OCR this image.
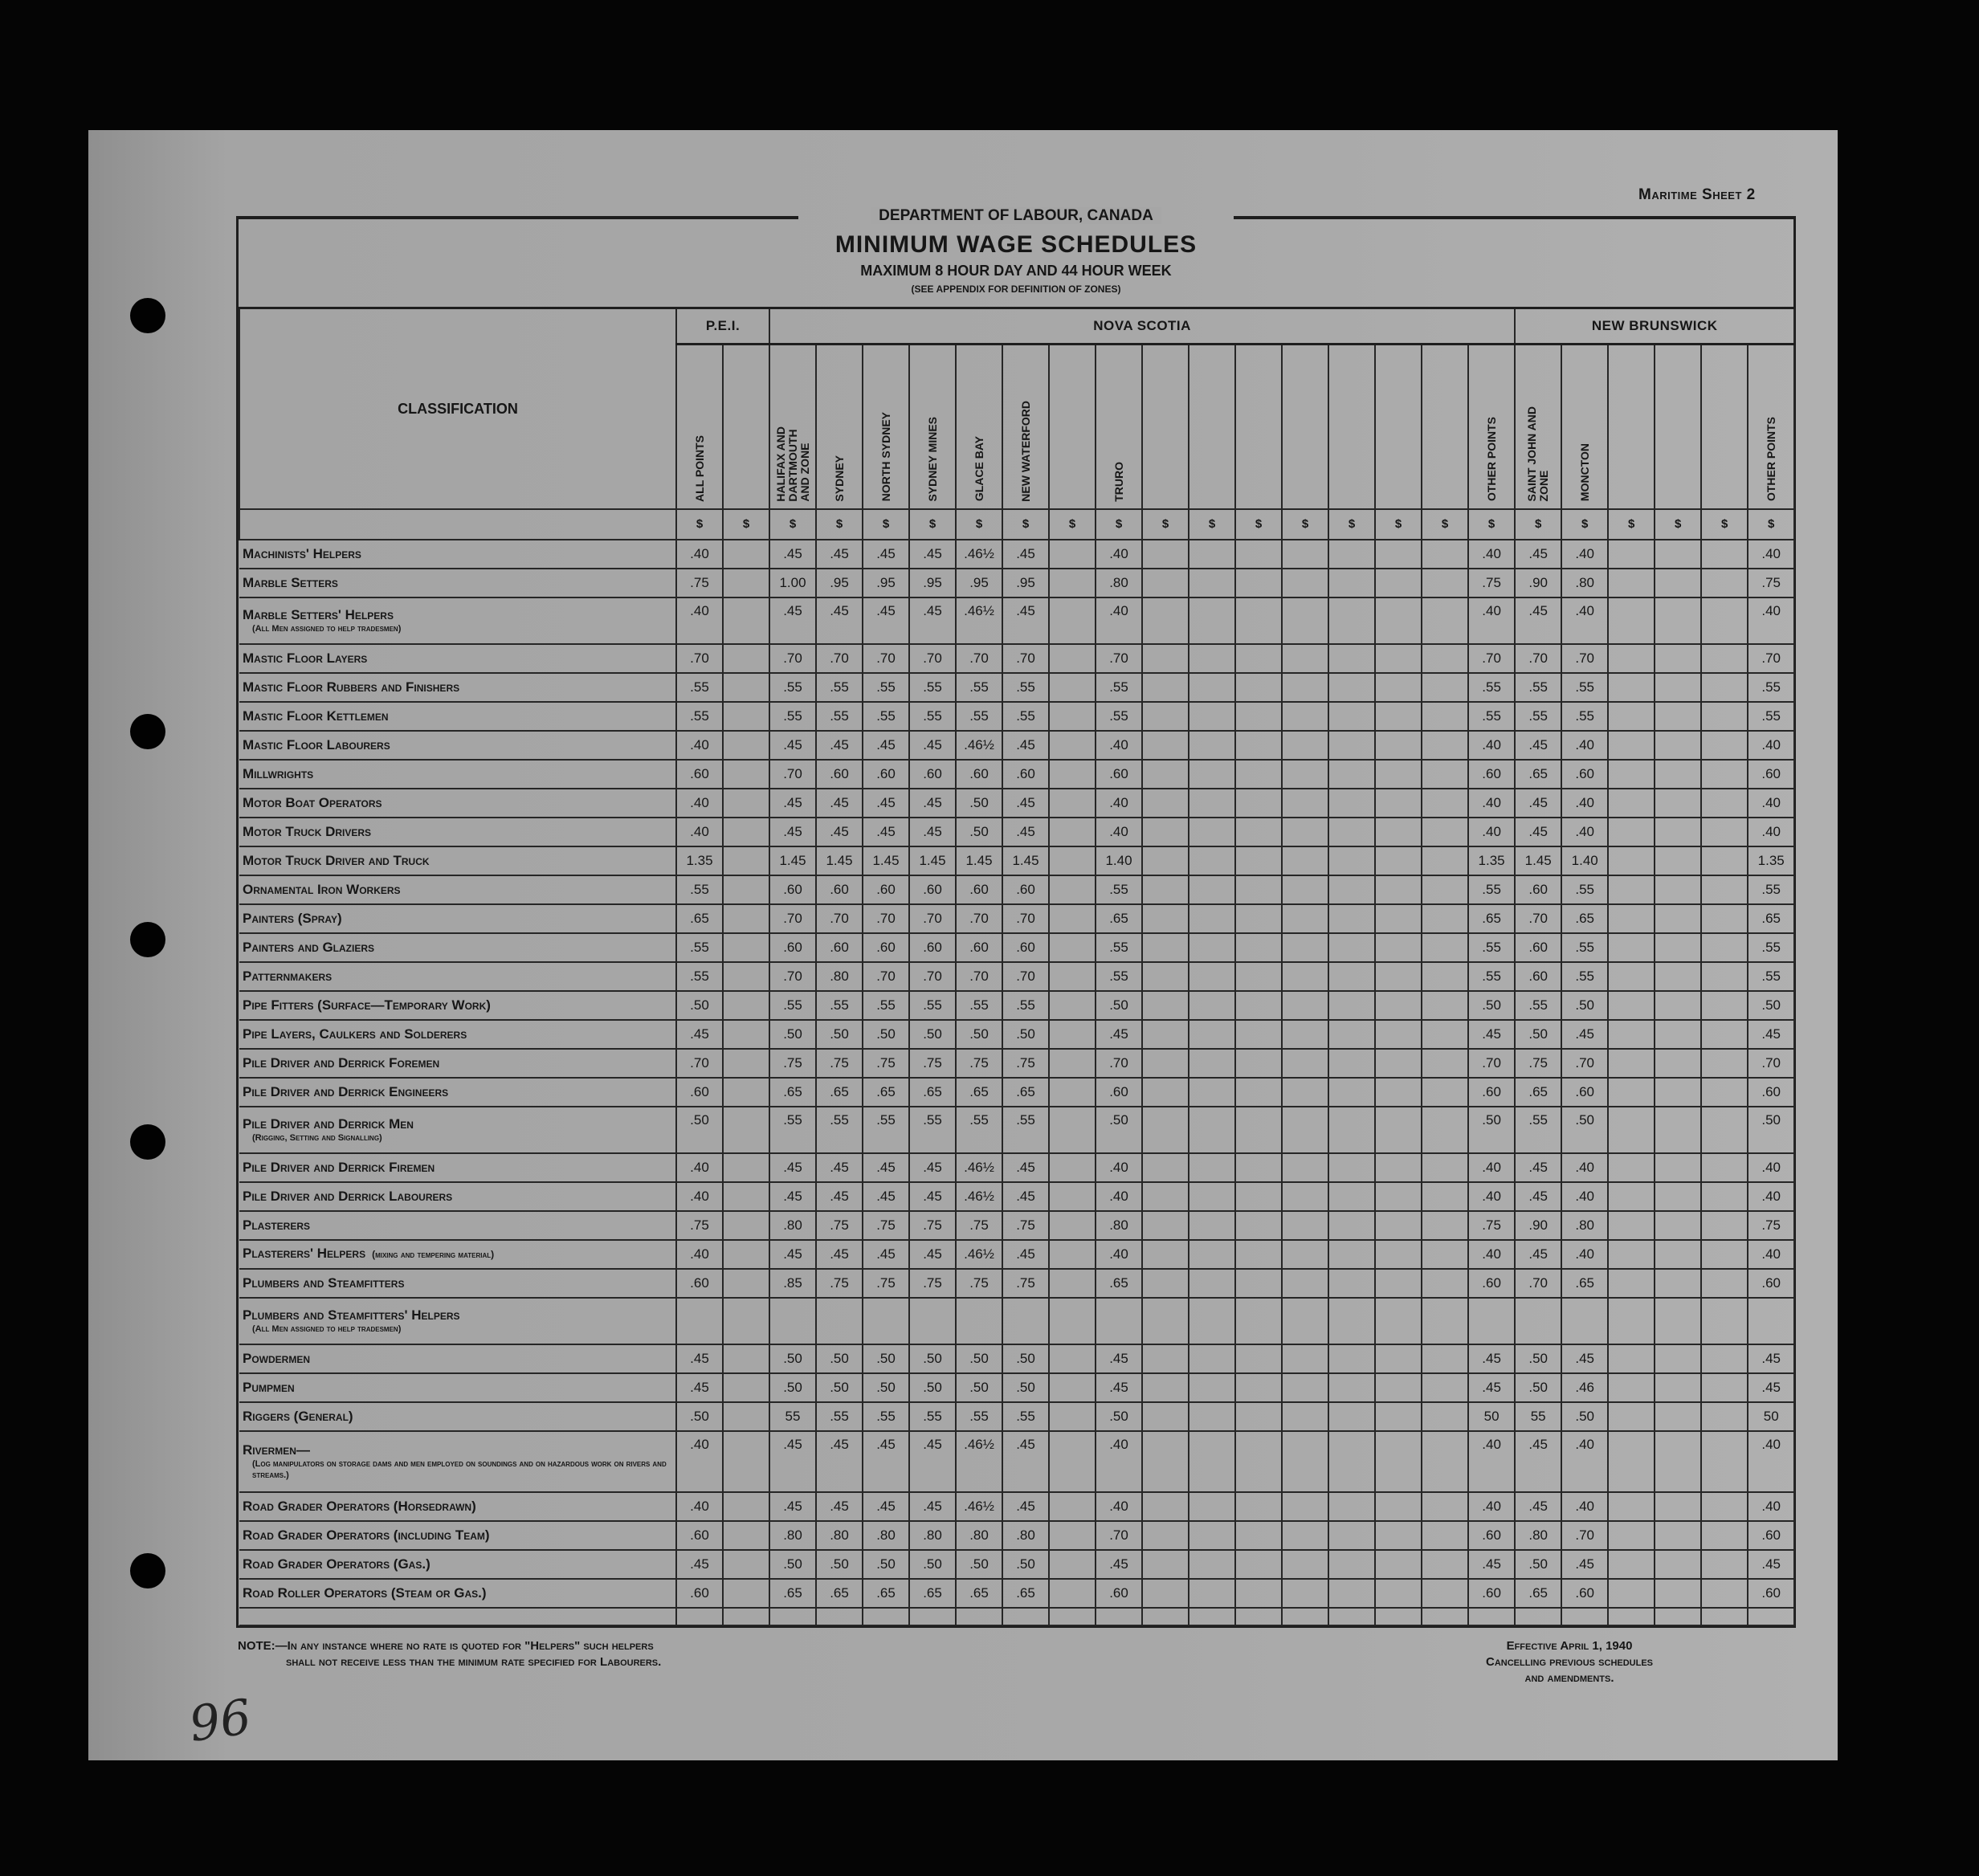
Maritime Sheet 2
DEPARTMENT OF LABOUR, CANADA
MINIMUM WAGE SCHEDULES
MAXIMUM 8 HOUR DAY AND 44 HOUR WEEK
(SEE APPENDIX FOR DEFINITION OF ZONES)
CLASSIFICATION	P.E.I.		NOVA SCOTIA																NEW BRUNSWICK					

	ALL POINTS		HALIFAX AND
DARTMOUTH
AND ZONE	SYDNEY	NORTH SYDNEY	SYDNEY MINES	GLACE BAY	NEW WATERFORD		TRURO								OTHER POINTS	SAINT JOHN AND
ZONE	MONCTON				OTHER POINTS

	$	$	$	$	$	$	$	$	$	$	$	$	$	$	$	$	$	$	$	$	$	$	$	$
Machinists' Helpers	.40		.45	.45	.45	.45	.46½	.45		.40								.40	.45	.40				.40
Marble Setters	.75		1.00	.95	.95	.95	.95	.95		.80								.75	.90	.80				.75
Marble Setters' Helpers
(All Men assigned to help tradesmen)	.40		.45	.45	.45	.45	.46½	.45		.40								.40	.45	.40				.40
Mastic Floor Layers	.70		.70	.70	.70	.70	.70	.70		.70								.70	.70	.70				.70
Mastic Floor Rubbers and Finishers	.55		.55	.55	.55	.55	.55	.55		.55								.55	.55	.55				.55
Mastic Floor Kettlemen	.55		.55	.55	.55	.55	.55	.55		.55								.55	.55	.55				.55
Mastic Floor Labourers	.40		.45	.45	.45	.45	.46½	.45		.40								.40	.45	.40				.40
Millwrights	.60		.70	.60	.60	.60	.60	.60		.60								.60	.65	.60				.60
Motor Boat Operators	.40		.45	.45	.45	.45	.50	.45		.40								.40	.45	.40				.40
Motor Truck Drivers	.40		.45	.45	.45	.45	.50	.45		.40								.40	.45	.40				.40
Motor Truck Driver and Truck	1.35		1.45	1.45	1.45	1.45	1.45	1.45		1.40								1.35	1.45	1.40				1.35
Ornamental Iron Workers	.55		.60	.60	.60	.60	.60	.60		.55								.55	.60	.55				.55
Painters (Spray)	.65		.70	.70	.70	.70	.70	.70		.65								.65	.70	.65				.65
Painters and Glaziers	.55		.60	.60	.60	.60	.60	.60		.55								.55	.60	.55				.55
Patternmakers	.55		.70	.80	.70	.70	.70	.70		.55								.55	.60	.55				.55
Pipe Fitters (Surface—Temporary Work)	.50		.55	.55	.55	.55	.55	.55		.50								.50	.55	.50				.50
Pipe Layers, Caulkers and Solderers	.45		.50	.50	.50	.50	.50	.50		.45								.45	.50	.45				.45
Pile Driver and Derrick Foremen	.70		.75	.75	.75	.75	.75	.75		.70								.70	.75	.70				.70
Pile Driver and Derrick Engineers	.60		.65	.65	.65	.65	.65	.65		.60								.60	.65	.60				.60
Pile Driver and Derrick Men
(Rigging, Setting and Signalling)	.50		.55	.55	.55	.55	.55	.55		.50								.50	.55	.50				.50
Pile Driver and Derrick Firemen	.40		.45	.45	.45	.45	.46½	.45		.40								.40	.45	.40				.40
Pile Driver and Derrick Labourers	.40		.45	.45	.45	.45	.46½	.45		.40								.40	.45	.40				.40
Plasterers	.75		.80	.75	.75	.75	.75	.75		.80								.75	.90	.80				.75
Plasterers' Helpers (mixing and tempering material)	.40		.45	.45	.45	.45	.46½	.45		.40								.40	.45	.40				.40
Plumbers and Steamfitters	.60		.85	.75	.75	.75	.75	.75		.65								.60	.70	.65				.60
Plumbers and Steamfitters' Helpers
(All Men assigned to help tradesmen)																								

Powdermen	.45		.50	.50	.50	.50	.50	.50		.45								.45	.50	.45				.45
Pumpmen	.45		.50	.50	.50	.50	.50	.50		.45								.45	.50	.46				.45
Riggers (General)	.50		55	.55	.55	.55	.55	.55		.50								50	55	.50				50
Rivermen—
(Log manipulators on storage dams and men employed on soundings and on hazardous work on rivers and streams.)	.40		.45	.45	.45	.45	.46½	.45		.40								.40	.45	.40				.40
Road Grader Operators (Horsedrawn)	.40		.45	.45	.45	.45	.46½	.45		.40								.40	.45	.40				.40
Road Grader Operators (including Team)	.60		.80	.80	.80	.80	.80	.80		.70								.60	.80	.70				.60
Road Grader Operators (Gas.)	.45		.50	.50	.50	.50	.50	.50		.45								.45	.50	.45				.45
Road Roller Operators (Steam or Gas.)	.60		.65	.65	.65	.65	.65	.65		.60								.60	.65	.60				.60

NOTE:—In any instance where no rate is quoted for "Helpers" such helpers
shall not receive less than the minimum rate specified for Labourers.
Effective April 1, 1940
Cancelling previous schedules
and amendments.
96
